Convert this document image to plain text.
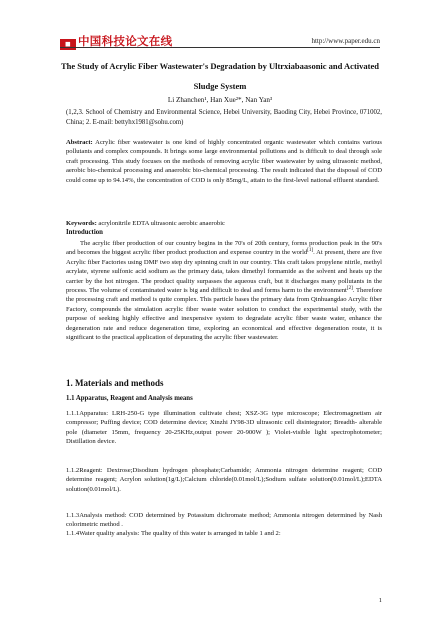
◼ 中国科技论文在线	http://www.paper.edu.cn
The Study of Acrylic Fiber Wastewater's Degradation by Ultrxiabaasonic and Activated Sludge System
Li Zhanchen¹, Han Xue²*, Nan Yan³
(1,2,3. School of Chemistry and Environmental Science, Hebei University, Baoding City, Hebei Province, 071002, China; 2. E-mail: bettyhx1981@sohu.com)
Abstract: Acrylic fiber wastewater is one kind of highly concentrated organic wastewater which contains various pollutants and complex compounds. It brings some large environmental pollutions and is difficult to deal through sole craft processing. This study focuses on the methods of removing acrylic fiber wastewater by using ultrasonic method, aerobic bio-chemical processing and anaerobic bio-chemical processing. The result indicated that the disposal of COD could come up to 94.14%, the concentration of COD is only 85mg/L, attain to the first-level national effluent standard.
Keywords: acrylonitrile EDTA ultrasonic aerobic anaerobic
Introduction
The acrylic fiber production of our country begins in the 70's of 20th century, forms production peak in the 90's and becomes the biggest acrylic fiber product production and expense country in the world[1]. At present, there are five Acrylic fiber Factories using DMF two step dry spinning craft in our country. This craft takes propylene nitrile, methyl acrylate, styrene sulfonic acid sodium as the primary data, takes dimethyl formamide as the solvent and heats up the carrier by the hot nitrogen. The product quality surpasses the aqueous craft, but it discharges many pollutants in the process. The volume of contaminated water is big and difficult to deal and forms harm to the environment[2]. Therefore the processing craft and method is quite complex. This particle bases the primary data from Qinhuangdao Acrylic fiber Factory, compounds the simulation acrylic fiber waste water solution to conduct the experimental study, with the purpose of seeking highly effective and inexpensive system to degradate acrylic fiber waste water, enhance the degeneration rate and reduce degeneration time, exploring an economical and effective degeneration route, it is significant to the practical application of depurating the acrylic fiber wastewater.
1. Materials and methods
1.1 Apparatus, Reagent and Analysis means
1.1.1Apparatus: LRH-250-G type illumination cultivate chest; XSZ-3G type microscope; Electromagnetism air compressor; Puffing device; COD determine device; Xinzhi JY98-3D ultrasonic cell disintegrator; Breadth- alterable pole (diameter 15mm, frequency 20-25KHz,output power 20-900W ); Violet-visible light spectrophotometer; Distillation device.
1.1.2Reagent: Dextrose;Disodium hydrogen phosphate;Carbamide; Ammonia nitrogen determine reagent; COD determine reagent; Acrylon solution(1g/L);Calcium chloride(0.01mol/L);Sodium sulfate solution(0.01mol/L);EDTA solution(0.01mol/L).
1.1.3Analysis method: COD determined by Potassium dichromate method; Ammonia nitrogen determined by Nash colorimetric method .
1.1.4Water quality analysis: The quality of this water is arranged in table 1 and 2:
1
